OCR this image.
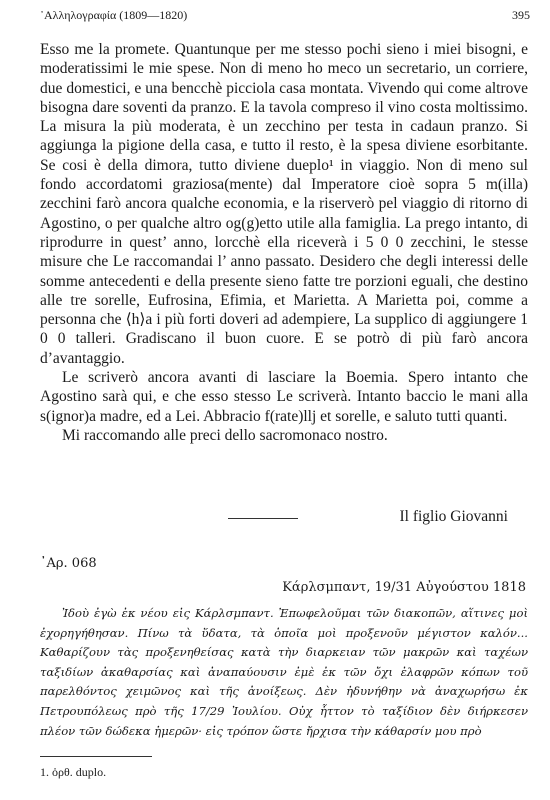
᾿Αλληλογραφία (1809—1820)	395

Esso me la promete. Quantunque per me stesso pochi sieno i miei bisogni, e moderatissimi le mie spese. Non di meno ho meco un secretario, un corriere, due domestici, e una bencchè picciola casa montata. Vivendo qui come altrove bisogna dare soventi da pranzo. E la tavola compreso il vino costa moltissimo. La misura la più moderata, è un zecchino per testa in cadaun pranzo. Si aggiunga la pigione della casa, e tutto il resto, è la spesa diviene esorbitante. Se cosi è della dimora, tutto diviene dueplo¹ in viaggio. Non di meno sul fondo accordatomi graziosa(mente) dal Imperatore cioè sopra 5 m(illa) zecchini farò ancora qualche economia, e la riserverò pel viaggio di ritorno di Agostino, o per qualche altro og(g)etto utile alla famiglia. La prego intanto, di riprodurre in quest’ anno, lorcchè ella riceverà i 5 0 0 zecchini, le stesse misure che Le raccomandai l’ anno passato. Desidero che degli interessi delle somme antecedenti e della presente sieno fatte tre porzioni eguali, che destino alle tre sorelle, Eufrosina, Efimia, et Marietta. A Marietta poi, comme a personna che ⟨h⟩a i più forti doveri ad adempiere, La supplico di aggiungere 1 0 0 talleri. Gradiscano il buon cuore. E se potrò di più farò ancora d’avantaggio.

Le scriverò ancora avanti di lasciare la Boemia. Spero intanto che Agostino sarà qui, e che esso stesso Le scriverà. Intanto baccio le mani alla s(ignor)a madre, ed a Lei. Abbracio f(rate)llj et sorelle, e saluto tutti quanti.

Mi raccomando alle preci dello sacromonaco nostro.

Il figlio Giovanni
᾿Αρ. 068
Κάρλσμπαντ, 19/31 Αὐγούστου 1818

Ἰδοὺ ἐγὼ ἐκ νέου εἰς Κάρλσμπαντ. Ἐπωφελοῦμαι τῶν διακοπῶν, αἵτινες μοὶ ἐχορηγήθησαν. Πίνω τὰ ὕδατα, τὰ ὁποῖα μοὶ προξενοῦν μέγιστον καλόν... Καθαρίζουν τὰς προξενηθείσας κατὰ τὴν διαρκειαν τῶν μακρῶν καὶ ταχέων ταξιδίων ἀκαθαρσίας καὶ ἀναπαύουσιν ἐμὲ ἐκ τῶν ὄχι ἐλαφρῶν κόπων τοῦ παρελθόντος χειμῶνος καὶ τῆς ἀνοίξεως. Δὲν ἠδυνήθην νὰ ἀναχωρήσω ἐκ Πετρουπόλεως πρὸ τῆς 17/29 Ἰουλίου. Οὐχ ἧττον τὸ ταξίδιον δὲν διήρκεσεν πλέον τῶν δώδεκα ἡμερῶν· εἰς τρόπον ὥστε ἤρχισα τὴν κάθαρσίν μου πρὸ

1. ὀρθ. duplo.
